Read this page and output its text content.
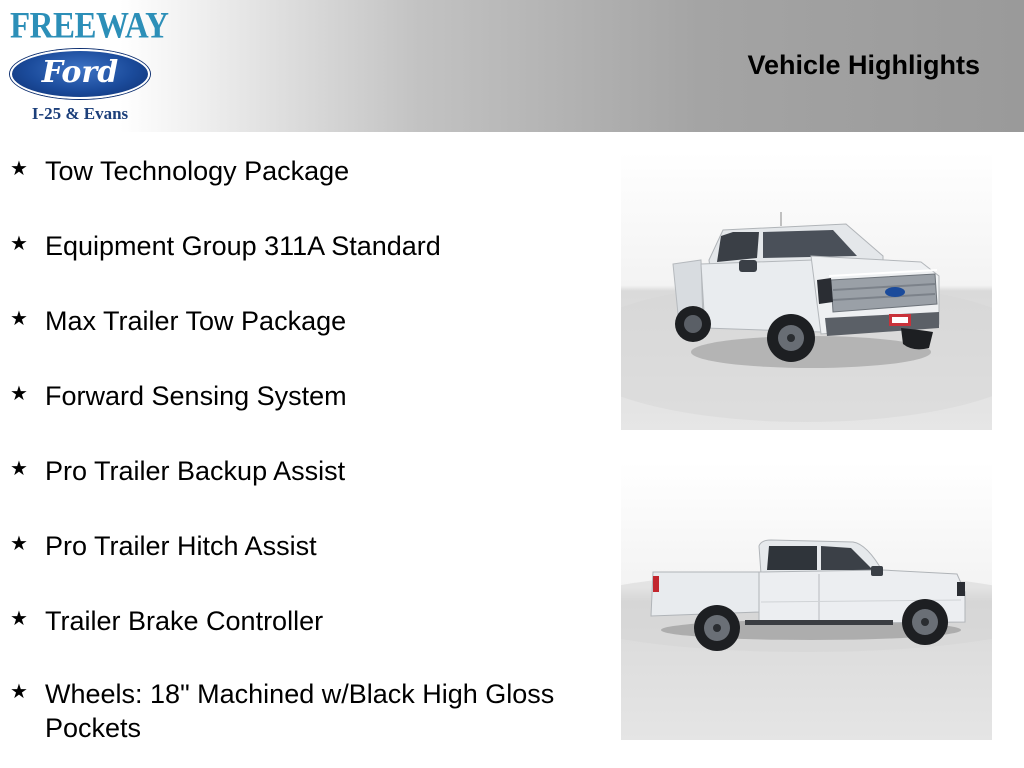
FREEWAY
Ford
I-25 & Evans
Vehicle Highlights
★ Tow Technology Package
★ Equipment Group 311A Standard
★ Max Trailer Tow Package
★ Forward Sensing System
★ Pro Trailer Backup Assist
★ Pro Trailer Hitch Assist
★ Trailer Brake Controller
★ Wheels: 18" Machined w/Black High Gloss Pockets
